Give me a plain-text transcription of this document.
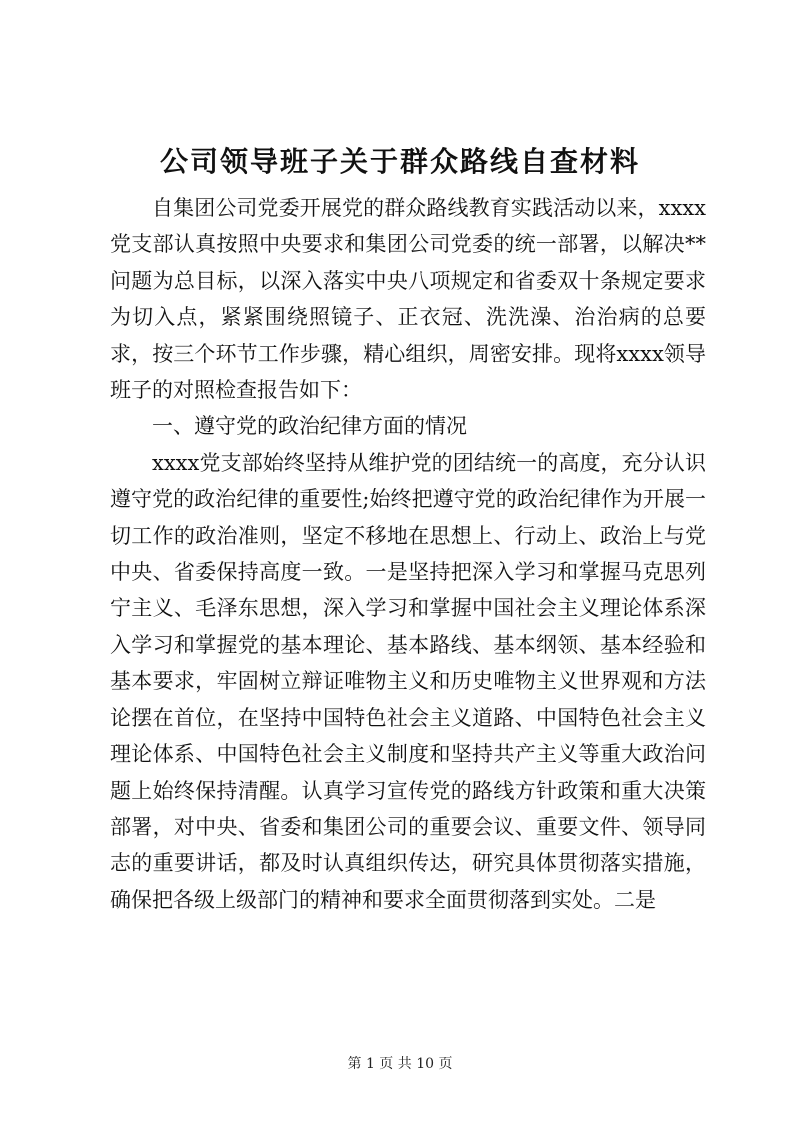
公司领导班子关于群众路线自查材料

自集团公司党委开展党的群众路线教育实践活动以来，xxxx党支部认真按照中央要求和集团公司党委的统一部署，以解决**问题为总目标，以深入落实中央八项规定和省委双十条规定要求为切入点，紧紧围绕照镜子、正衣冠、洗洗澡、治治病的总要求，按三个环节工作步骤，精心组织，周密安排。现将xxxx领导班子的对照检查报告如下：

一、遵守党的政治纪律方面的情况

xxxx党支部始终坚持从维护党的团结统一的高度，充分认识遵守党的政治纪律的重要性;始终把遵守党的政治纪律作为开展一切工作的政治准则，坚定不移地在思想上、行动上、政治上与党中央、省委保持高度一致。一是坚持把深入学习和掌握马克思列宁主义、毛泽东思想，深入学习和掌握中国社会主义理论体系深入学习和掌握党的基本理论、基本路线、基本纲领、基本经验和基本要求，牢固树立辩证唯物主义和历史唯物主义世界观和方法论摆在首位，在坚持中国特色社会主义道路、中国特色社会主义理论体系、中国特色社会主义制度和坚持共产主义等重大政治问题上始终保持清醒。认真学习宣传党的路线方针政策和重大决策部署，对中央、省委和集团公司的重要会议、重要文件、领导同志的重要讲话，都及时认真组织传达，研究具体贯彻落实措施，确保把各级上级部门的精神和要求全面贯彻落到实处。二是

第 1 页 共 10 页
